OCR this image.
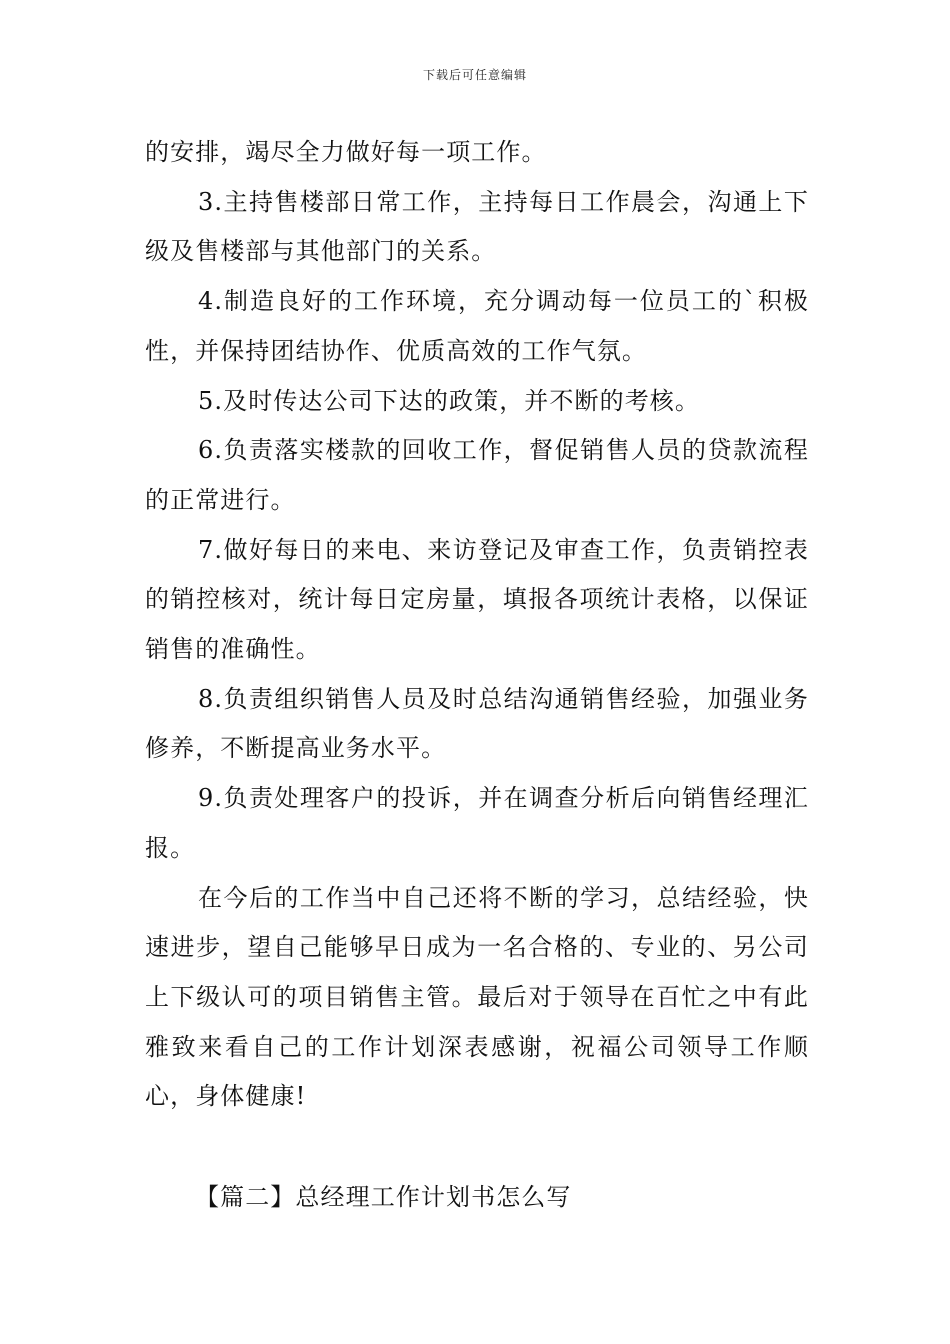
下载后可任意编辑

的安排，竭尽全力做好每一项工作。

3.主持售楼部日常工作，主持每日工作晨会，沟通上下级及售楼部与其他部门的关系。

4.制造良好的工作环境，充分调动每一位员工的`积极性，并保持团结协作、优质高效的工作气氛。

5.及时传达公司下达的政策，并不断的考核。

6.负责落实楼款的回收工作，督促销售人员的贷款流程的正常进行。

7.做好每日的来电、来访登记及审查工作，负责销控表的销控核对，统计每日定房量，填报各项统计表格，以保证销售的准确性。

8.负责组织销售人员及时总结沟通销售经验，加强业务修养，不断提高业务水平。

9.负责处理客户的投诉，并在调查分析后向销售经理汇报。

在今后的工作当中自己还将不断的学习，总结经验，快速进步，望自己能够早日成为一名合格的、专业的、另公司上下级认可的项目销售主管。最后对于领导在百忙之中有此雅致来看自己的工作计划深表感谢，祝福公司领导工作顺心，身体健康!

【篇二】总经理工作计划书怎么写
